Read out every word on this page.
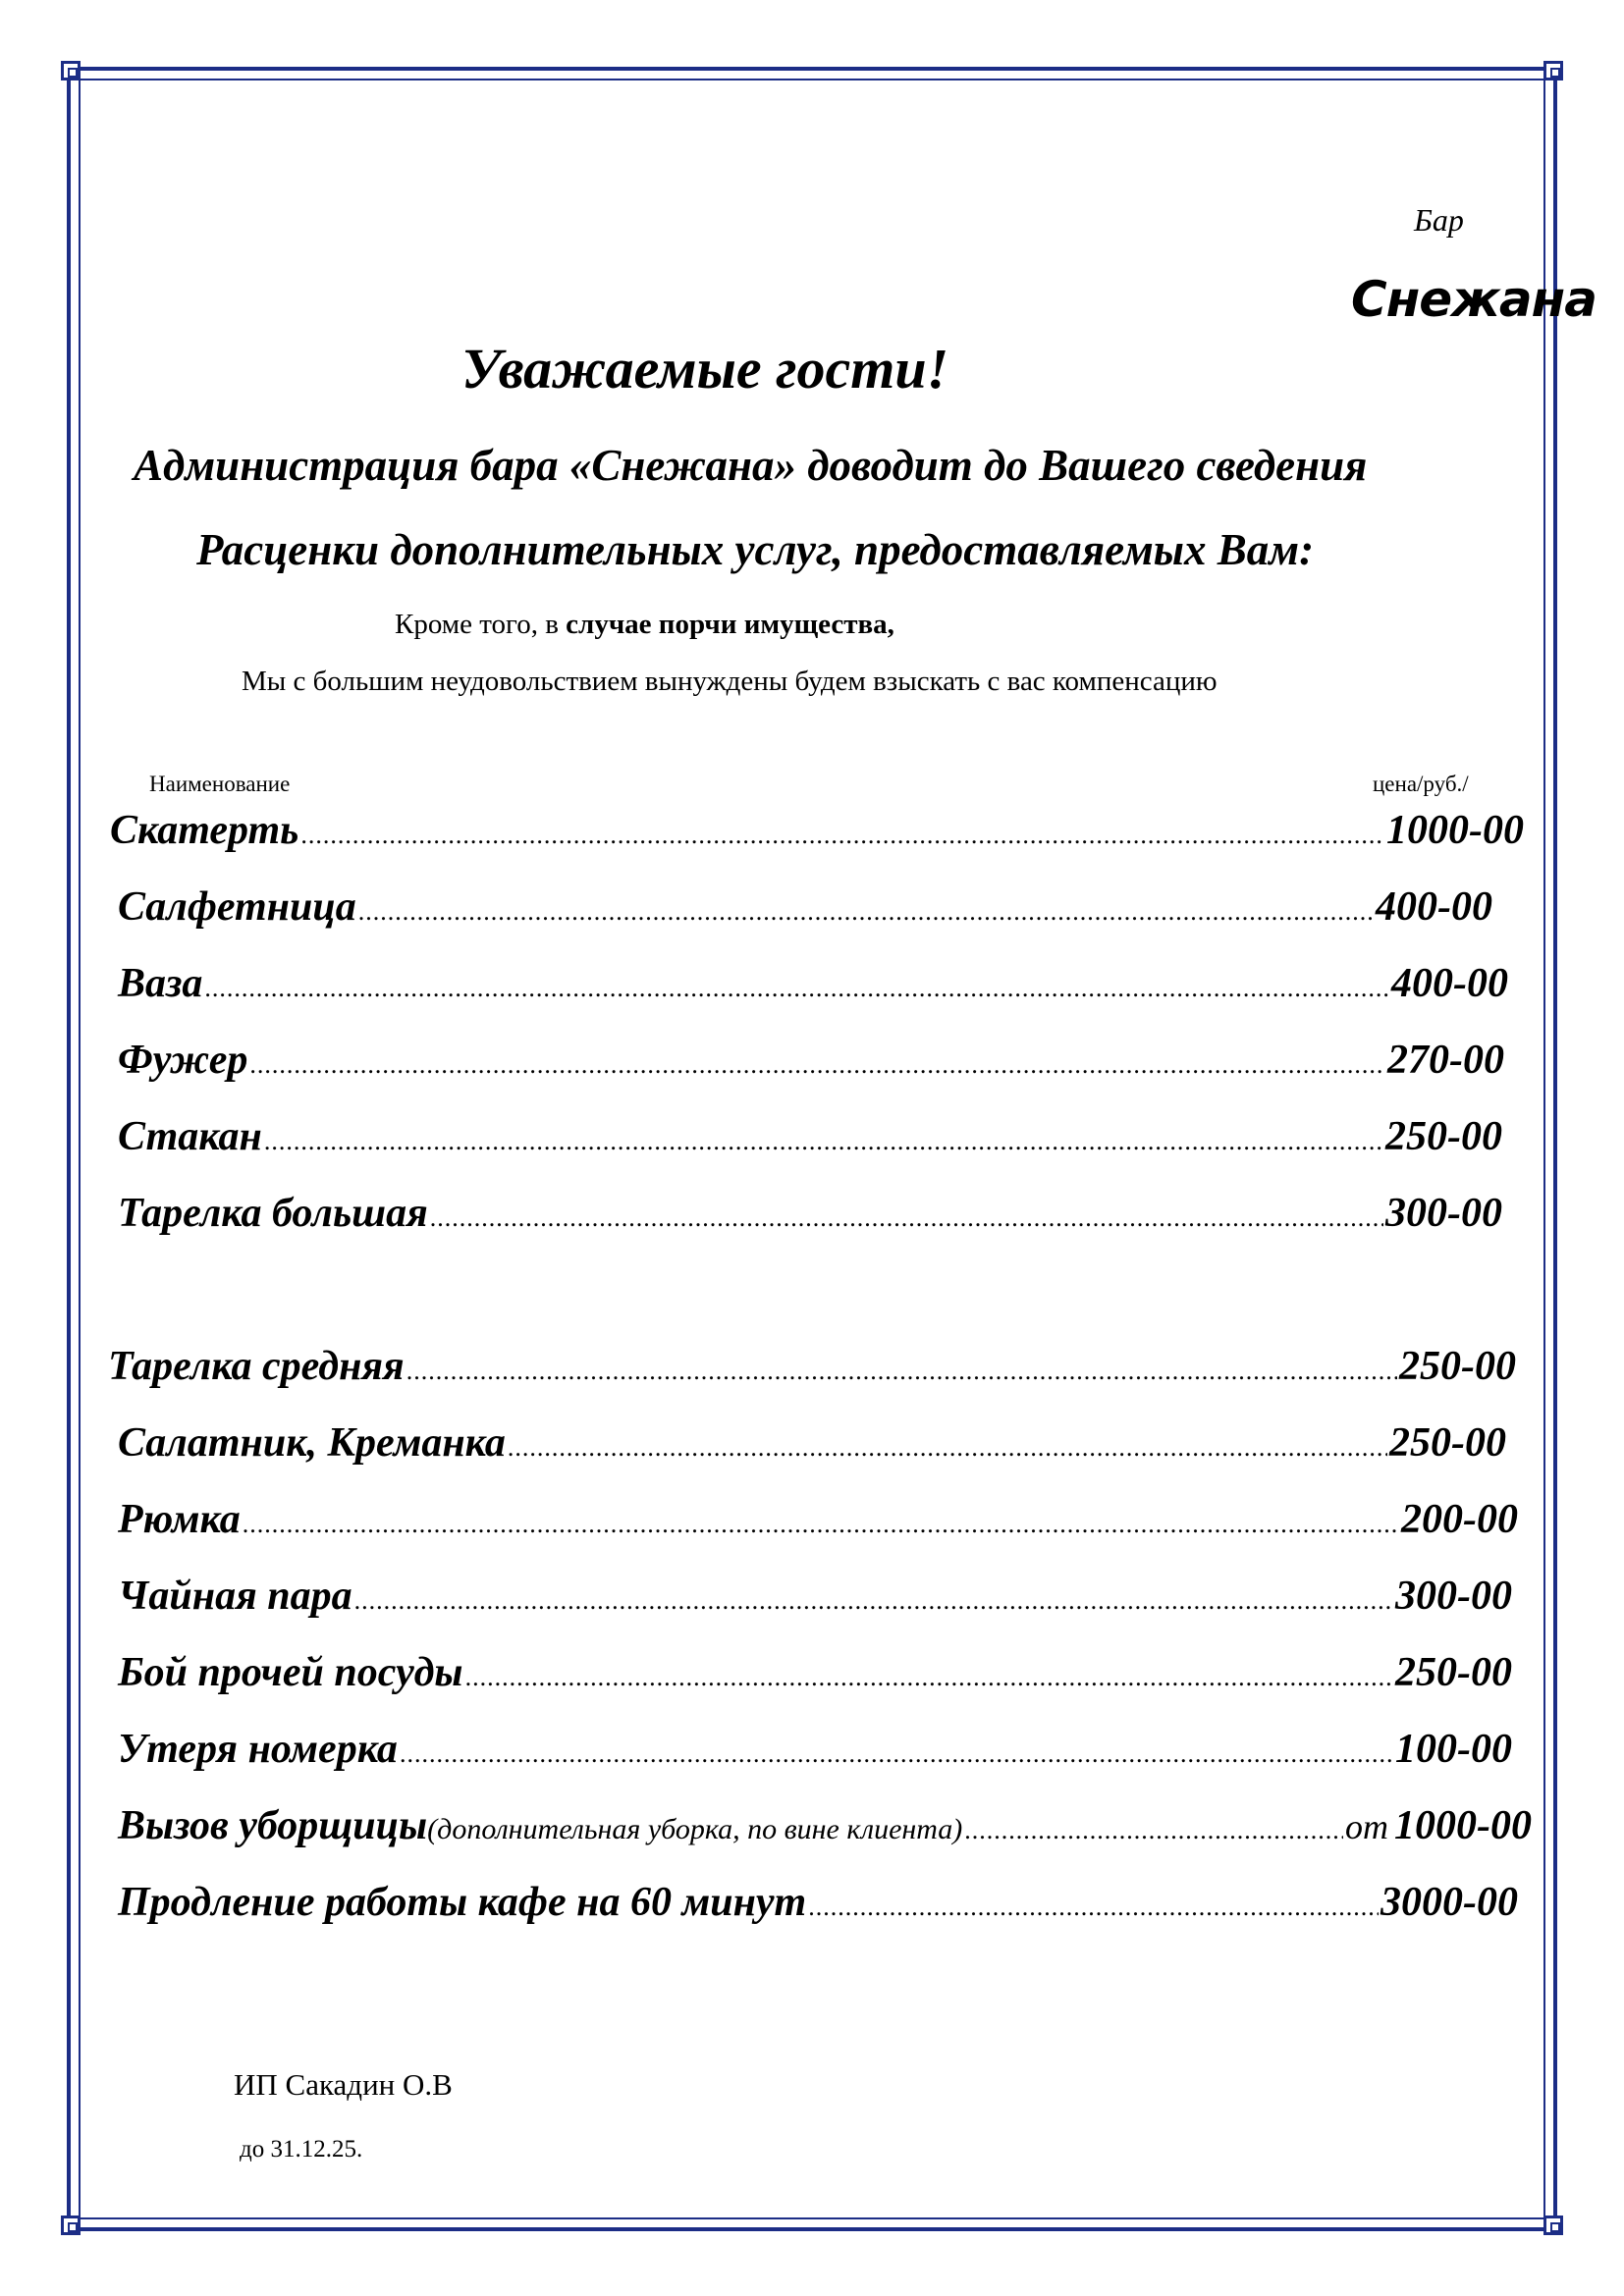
Бар
Снежана
Уважаемые гости!
Администрация бара «Снежана» доводит до Вашего сведения
Расценки дополнительных услуг, предоставляемых Вам:
Кроме того, в случае порчи имущества,
Мы с большим неудовольствием вынуждены будем взыскать с вас компенсацию
Наименование	цена/руб./
Скатерть .....	1000-00
Салфетница .....	400-00
Ваза .....	400-00
Фужер .....	270-00
Стакан .....	250-00
Тарелка большая .....	300-00
Тарелка средняя .....	250-00
Салатник, Креманка .....	250-00
Рюмка .....	200-00
Чайная пара .....	300-00
Бой прочей посуды .....	250-00
Утеря номерка .....	100-00
Вызов уборщицы (дополнительная уборка, по вине клиента) .....	от 1000-00
Продление работы кафе на 60 минут .....	3000-00
ИП Сакадин О.В
до 31.12.25.
